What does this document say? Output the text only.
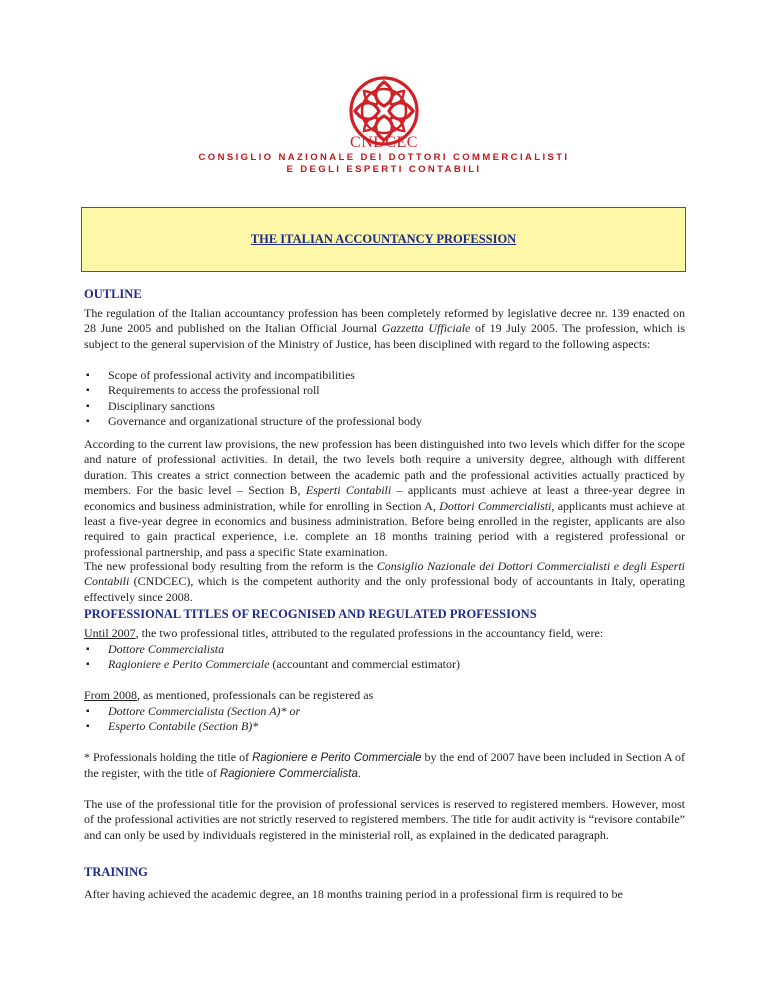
CNDCEC
CONSIGLIO NAZIONALE DEI DOTTORI COMMERCIALISTI
E DEGLI ESPERTI CONTABILI
THE ITALIAN ACCOUNTANCY PROFESSION
OUTLINE

The regulation of the Italian accountancy profession has been completely reformed by legislative decree nr. 139 enacted on 28 June 2005 and published on the Italian Official Journal Gazzetta Ufficiale of 19 July 2005. The profession, which is subject to the general supervision of the Ministry of Justice, has been disciplined with regard to the following aspects:

▪ Scope of professional activity and incompatibilities
▪ Requirements to access the professional roll
▪ Disciplinary sanctions
▪ Governance and organizational structure of the professional body

According to the current law provisions, the new profession has been distinguished into two levels which differ for the scope and nature of professional activities. In detail, the two levels both require a university degree, although with different duration. This creates a strict connection between the academic path and the professional activities actually practiced by members. For the basic level – Section B, Esperti Contabili – applicants must achieve at least a three-year degree in economics and business administration, while for enrolling in Section A, Dottori Commercialisti, applicants must achieve at least a five-year degree in economics and business administration. Before being enrolled in the register, applicants are also required to gain practical experience, i.e. complete an 18 months training period with a registered professional or professional partnership, and pass a specific State examination.

The new professional body resulting from the reform is the Consiglio Nazionale dei Dottori Commercialisti e degli Esperti Contabili (CNDCEC), which is the competent authority and the only professional body of accountants in Italy, operating effectively since 2008.

PROFESSIONAL TITLES OF RECOGNISED AND REGULATED PROFESSIONS

Until 2007, the two professional titles, attributed to the regulated professions in the accountancy field, were:

▪ Dottore Commercialista
▪ Ragioniere e Perito Commerciale (accountant and commercial estimator)

From 2008, as mentioned, professionals can be registered as

▪ Dottore Commercialista (Section A)* or
▪ Esperto Contabile (Section B)*

* Professionals holding the title of Ragioniere e Perito Commerciale by the end of 2007 have been included in Section A of the register, with the title of Ragioniere Commercialista.

The use of the professional title for the provision of professional services is reserved to registered members. However, most of the professional activities are not strictly reserved to registered members. The title for audit activity is “revisore contabile” and can only be used by individuals registered in the ministerial roll, as explained in the dedicated paragraph.

TRAINING

After having achieved the academic degree, an 18 months training period in a professional firm is required to be
